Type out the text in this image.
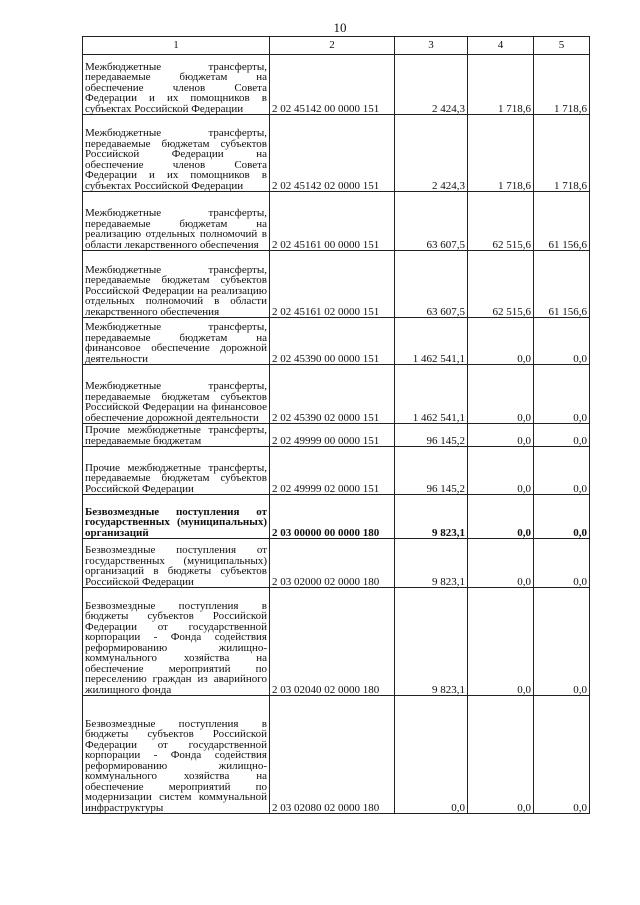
10
1	2	3	4	5
Межбюджетные трансферты, передаваемые бюджетам на обеспечение членов Совета Федерации и их помощников в субъектах Российской Федерации	2 02 45142 00 0000 151	2 424,3	1 718,6	1 718,6
Межбюджетные трансферты, передаваемые бюджетам субъектов Российской Федерации на обеспечение членов Совета Федерации и их помощников в субъектах Российской Федерации	2 02 45142 02 0000 151	2 424,3	1 718,6	1 718,6
Межбюджетные трансферты, передаваемые бюджетам на реализацию отдельных полномочий в области лекарственного обеспечения	2 02 45161 00 0000 151	63 607,5	62 515,6	61 156,6
Межбюджетные трансферты, передаваемые бюджетам субъектов Российской Федерации на реализацию отдельных полномочий в области лекарственного обеспечения	2 02 45161 02 0000 151	63 607,5	62 515,6	61 156,6
Межбюджетные трансферты, передаваемые бюджетам на финансовое обеспечение дорожной деятельности	2 02 45390 00 0000 151	1 462 541,1	0,0	0,0
Межбюджетные трансферты, передаваемые бюджетам субъектов Российской Федерации на финансовое обеспечение дорожной деятельности	2 02 45390 02 0000 151	1 462 541,1	0,0	0,0
Прочие межбюджетные трансферты, передаваемые бюджетам	2 02 49999 00 0000 151	96 145,2	0,0	0,0
Прочие межбюджетные трансферты, передаваемые бюджетам субъектов Российской Федерации	2 02 49999 02 0000 151	96 145,2	0,0	0,0
Безвозмездные поступления от государственных (муниципальных) организаций	2 03 00000 00 0000 180	9 823,1	0,0	0,0
Безвозмездные поступления от государственных (муниципальных) организаций в бюджеты субъектов Российской Федерации	2 03 02000 02 0000 180	9 823,1	0,0	0,0
Безвозмездные поступления в бюджеты субъектов Российской Федерации от государственной корпорации - Фонда содействия реформированию жилищно-коммунального хозяйства на обеспечение мероприятий по переселению граждан из аварийного жилищного фонда	2 03 02040 02 0000 180	9 823,1	0,0	0,0
Безвозмездные поступления в бюджеты субъектов Российской Федерации от государственной корпорации - Фонда содействия реформированию жилищно-коммунального хозяйства на обеспечение мероприятий по модернизации систем коммунальной инфраструктуры	2 03 02080 02 0000 180	0,0	0,0	0,0
